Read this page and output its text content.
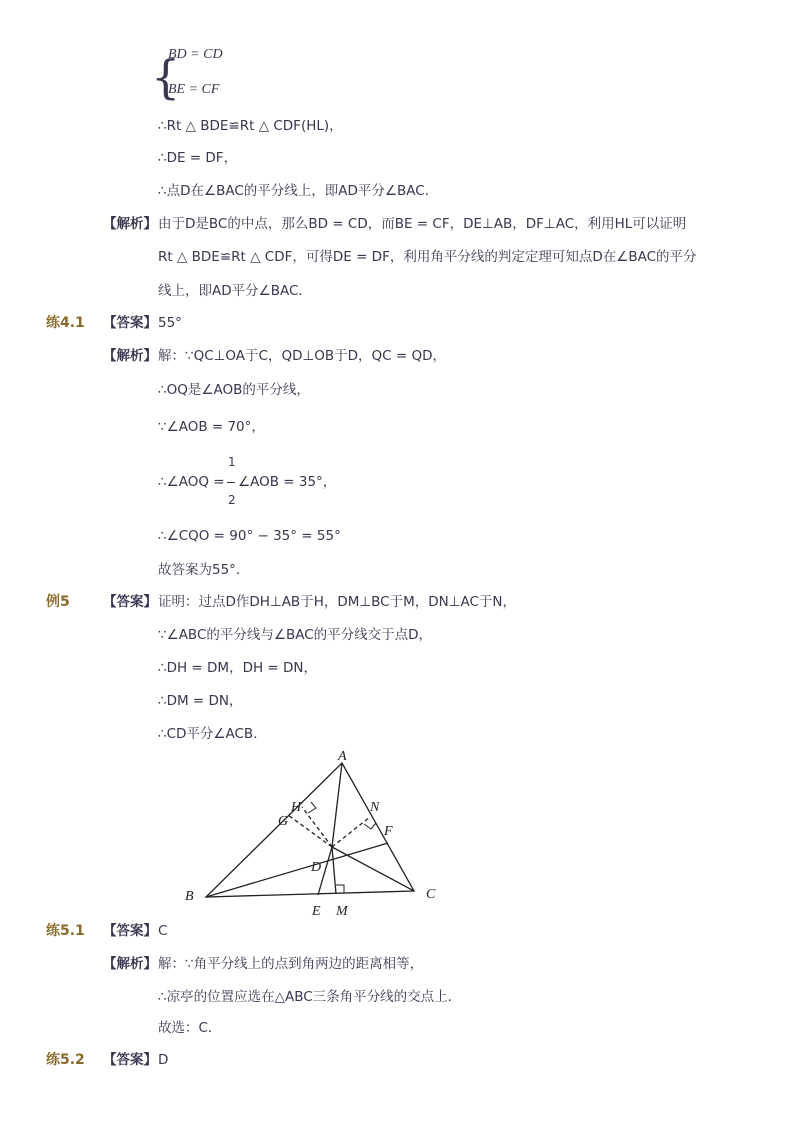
{
BD = CD
BE = CF
∴Rt △ BDE≌Rt △ CDF(HL)，
∴DE = DF，
∴点D在∠BAC的平分线上，即AD平分∠BAC．
【解析】 由于D是BC的中点，那么BD = CD，而BE = CF，DE⊥AB，DF⊥AC，利用HL可以证明
Rt △ BDE≌Rt △ CDF，可得DE = DF，利用角平分线的判定定理可知点D在∠BAC的平分
线上，即AD平分∠BAC．
练4.1 【答案】 55°
【解析】 解：∵QC⊥OA于C，QD⊥OB于D，QC = QD，
∴OQ是∠AOB的平分线，
∵∠AOB = 70°，
∴∠AOQ =
1
2
∠AOB = 35°，
∴∠CQO = 90° − 35° = 55°
故答案为55°．
例5 【答案】 证明：过点D作DH⊥AB于H，DM⊥BC于M，DN⊥AC于N，
∵∠ABC的平分线与∠BAC的平分线交于点D，
∴DH = DM，DH = DN，
∴DM = DN，
∴CD平分∠ACB．
A
B	C
D
E M
N
H
G
F
练5.1 【答案】 C
【解析】 解：∵角平分线上的点到角两边的距离相等，
∴凉亭的位置应选在△ABC三条角平分线的交点上．
故选：C．
练5.2 【答案】 D
